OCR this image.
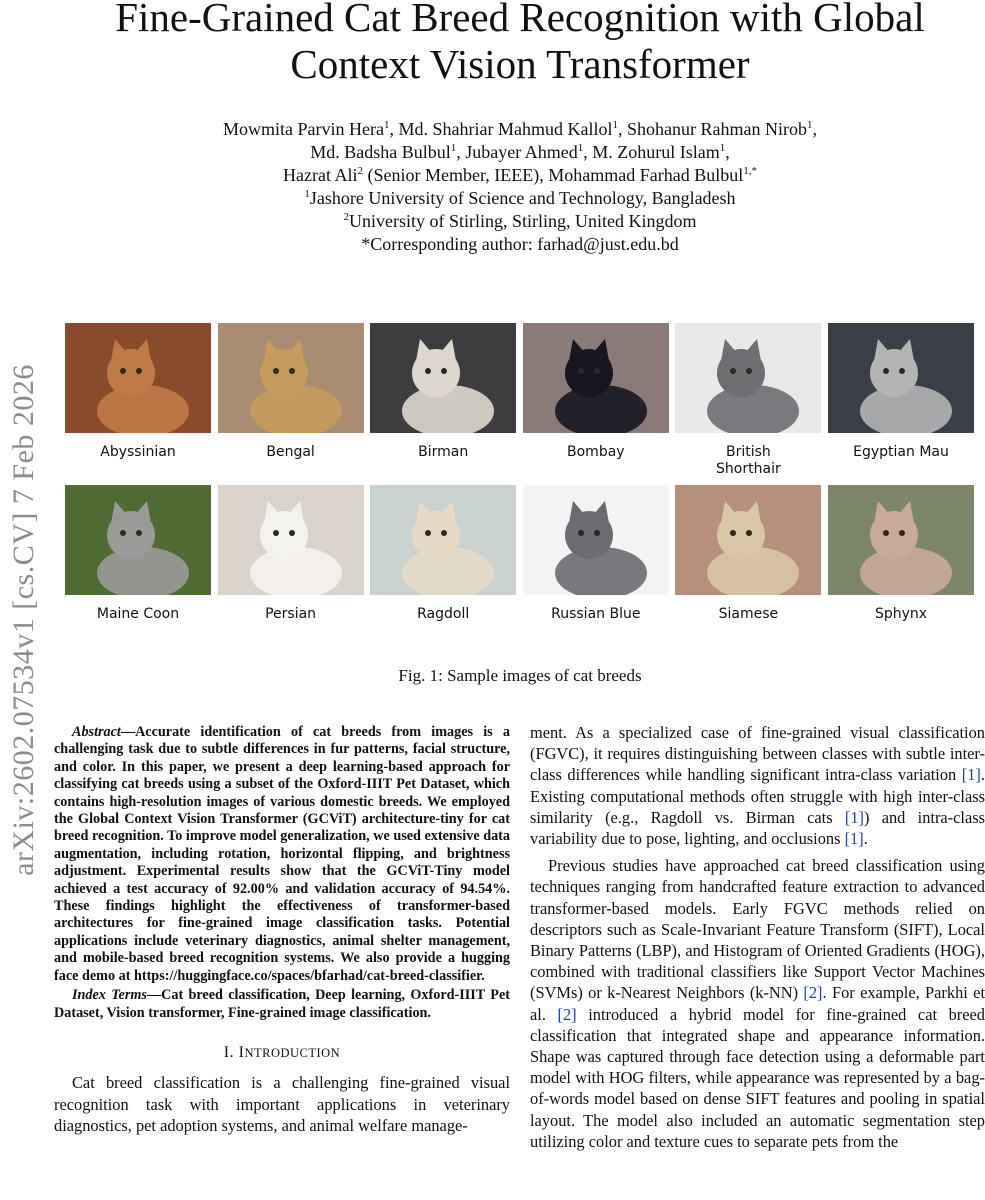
arXiv:2602.07534v1 [cs.CV] 7 Feb 2026
Fine-Grained Cat Breed Recognition with Global
Context Vision Transformer
Mowmita Parvin Hera$^1$, Md. Shahriar Mahmud Kallol$^1$, Shohanur Rahman Nirob$^1$,
Md. Badsha Bulbul$^1$, Jubayer Ahmed$^1$, M. Zohurul Islam$^1$,
Hazrat Ali$^2$ (Senior Member, IEEE), Mohammad Farhad Bulbul$^{1,*}$
$^1$Jashore University of Science and Technology, Bangladesh
$^2$University of Stirling, Stirling, United Kingdom
*Corresponding author: farhad@just.edu.bd
Abyssinian	Bengal	Birman	Bombay	British
Shorthair
Egyptian Mau
Maine Coon	Persian	Ragdoll	Russian Blue	Siamese	Sphynx
Fig. 1: Sample images of cat breeds

Abstract—Accurate identification of cat breeds from images is a challenging task due to subtle differences in fur patterns, facial structure, and color. In this paper, we present a deep learning-based approach for classifying cat breeds using a subset of the Oxford-IIIT Pet Dataset, which contains high-resolution images of various domestic breeds. We employed the Global Context Vision Transformer (GCViT) architecture-tiny for cat breed recognition. To improve model generalization, we used extensive data augmentation, including rotation, horizontal flipping, and brightness adjustment. Experimental results show that the GCViT-Tiny model achieved a test accuracy of 92.00% and validation accuracy of 94.54%. These findings highlight the effectiveness of transformer-based architectures for fine-grained image classification tasks. Potential applications include veterinary diagnostics, animal shelter management, and mobile-based breed recognition systems. We also provide a hugging face demo at https://huggingface.co/spaces/bfarhad/cat-breed-classifier.

Index Terms—Cat breed classification, Deep learning, Oxford-IIIT Pet Dataset, Vision transformer, Fine-grained image classification.

I. INTRODUCTION

Cat breed classification is a challenging fine-grained visual recognition task with important applications in veterinary diagnostics, pet adoption systems, and animal welfare manage-

ment. As a specialized case of fine-grained visual classification (FGVC), it requires distinguishing between classes with subtle inter-class differences while handling significant intra-class variation [1]. Existing computational methods often struggle with high inter-class similarity (e.g., Ragdoll vs. Birman cats [1]) and intra-class variability due to pose, lighting, and occlusions [1].

Previous studies have approached cat breed classification using techniques ranging from handcrafted feature extraction to advanced transformer-based models. Early FGVC methods relied on descriptors such as Scale-Invariant Feature Transform (SIFT), Local Binary Patterns (LBP), and Histogram of Oriented Gradients (HOG), combined with traditional classifiers like Support Vector Machines (SVMs) or k-Nearest Neighbors (k-NN) [2]. For example, Parkhi et al. [2] introduced a hybrid model for fine-grained cat breed classification that integrated shape and appearance information. Shape was captured through face detection using a deformable part model with HOG filters, while appearance was represented by a bag-of-words model based on dense SIFT features and pooling in spatial layout. The model also included an automatic segmentation step utilizing color and texture cues to separate pets from the
